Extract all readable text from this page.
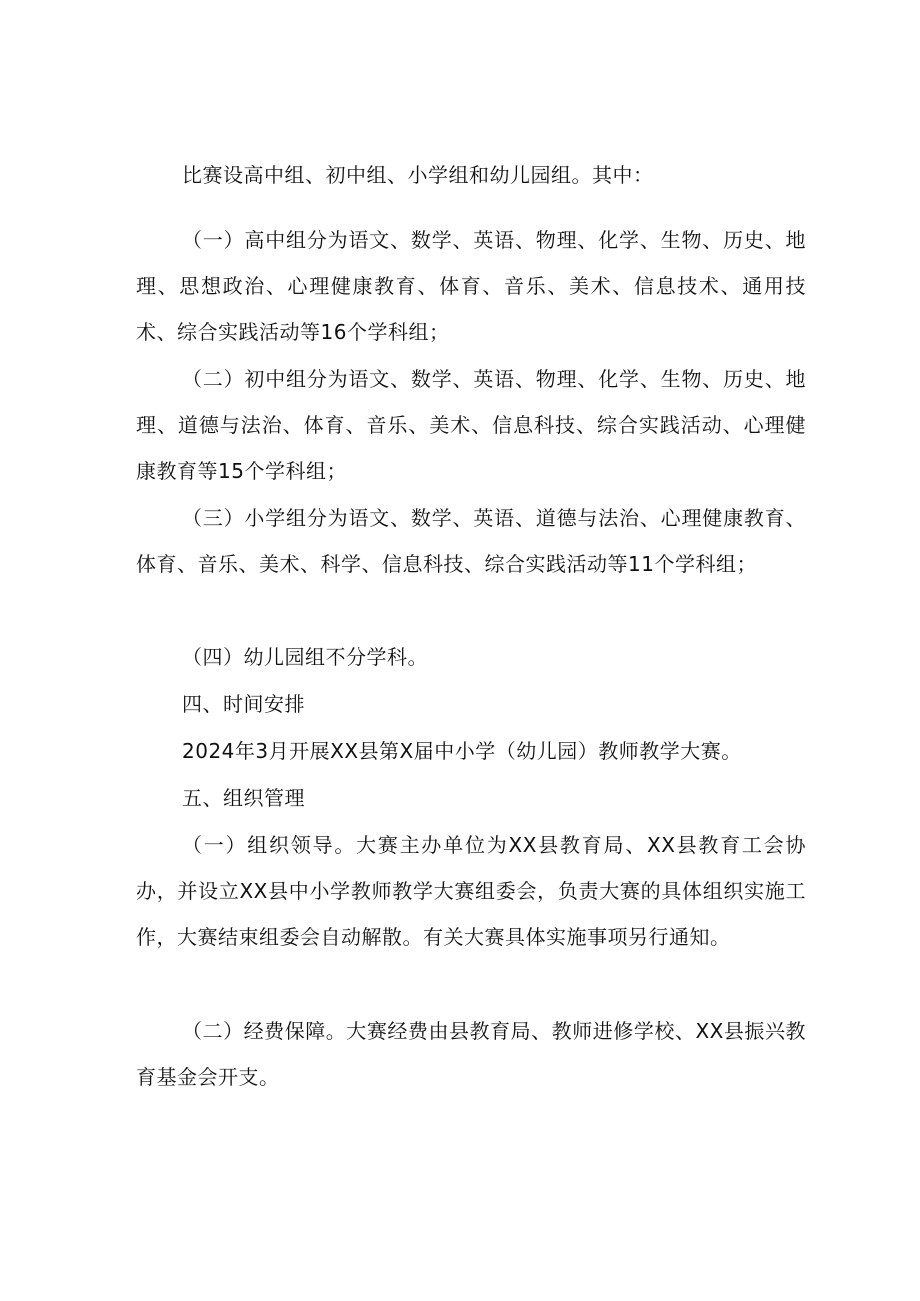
比赛设高中组、初中组、小学组和幼儿园组。其中：

（一）高中组分为语文、数学、英语、物理、化学、生物、历史、地理、思想政治、心理健康教育、体育、音乐、美术、信息技术、通用技术、综合实践活动等16个学科组；

（二）初中组分为语文、数学、英语、物理、化学、生物、历史、地理、道德与法治、体育、音乐、美术、信息科技、综合实践活动、心理健康教育等15个学科组；

（三）小学组分为语文、数学、英语、道德与法治、心理健康教育、体育、音乐、美术、科学、信息科技、综合实践活动等11个学科组；

（四）幼儿园组不分学科。

四、时间安排

2024年3月开展XX县第X届中小学（幼儿园）教师教学大赛。

五、组织管理

（一）组织领导。大赛主办单位为XX县教育局、XX县教育工会协办，并设立XX县中小学教师教学大赛组委会，负责大赛的具体组织实施工作，大赛结束组委会自动解散。有关大赛具体实施事项另行通知。

（二）经费保障。大赛经费由县教育局、教师进修学校、XX县振兴教育基金会开支。
